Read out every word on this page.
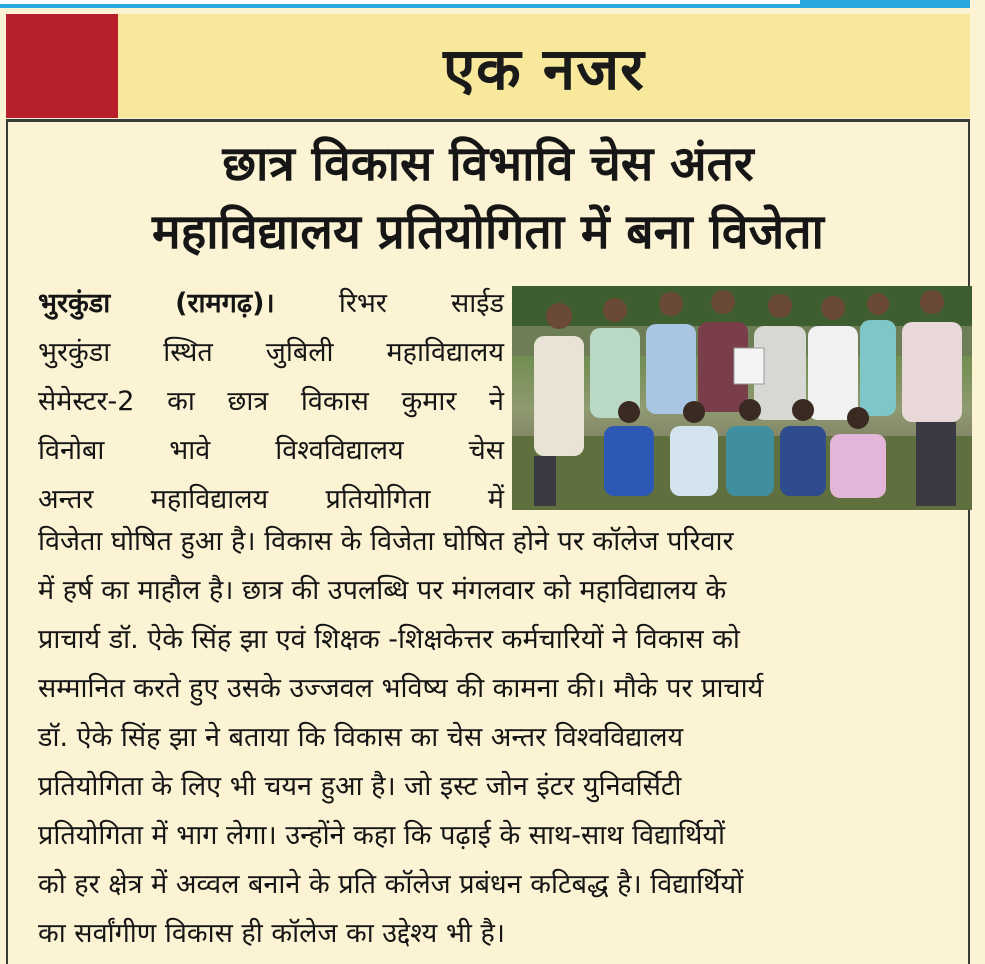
एक नजर
छात्र विकास विभावि चेस अंतर
महाविद्यालय प्रतियोगिता में बना विजेता
भुरकुंडा (रामगढ़)। रिभर साईड
भुरकुंडा स्थित जुबिली महाविद्यालय
सेमेस्टर-2 का छात्र विकास कुमार ने
विनोबा भावे विश्वविद्यालय चेस
अन्तर महाविद्यालय प्रतियोगिता में
विजेता घोषित हुआ है। विकास के विजेता घोषित होने पर कॉलेज परिवार
में हर्ष का माहौल है। छात्र की उपलब्धि पर मंगलवार को महाविद्यालय के
प्राचार्य डॉ. ऐके सिंह झा एवं शिक्षक -शिक्षकेत्तर कर्मचारियों ने विकास को
सम्मानित करते हुए उसके उज्जवल भविष्य की कामना की। मौके पर प्राचार्य
डॉ. ऐके सिंह झा ने बताया कि विकास का चेस अन्तर विश्वविद्यालय
प्रतियोगिता के लिए भी चयन हुआ है। जो इस्ट जोन इंटर युनिवर्सिटी
प्रतियोगिता में भाग लेगा। उन्होंने कहा कि पढ़ाई के साथ-साथ विद्यार्थियों
को हर क्षेत्र में अव्वल बनाने के प्रति कॉलेज प्रबंधन कटिबद्ध है। विद्यार्थियों
का सर्वांगीण विकास ही कॉलेज का उद्देश्य भी है।
